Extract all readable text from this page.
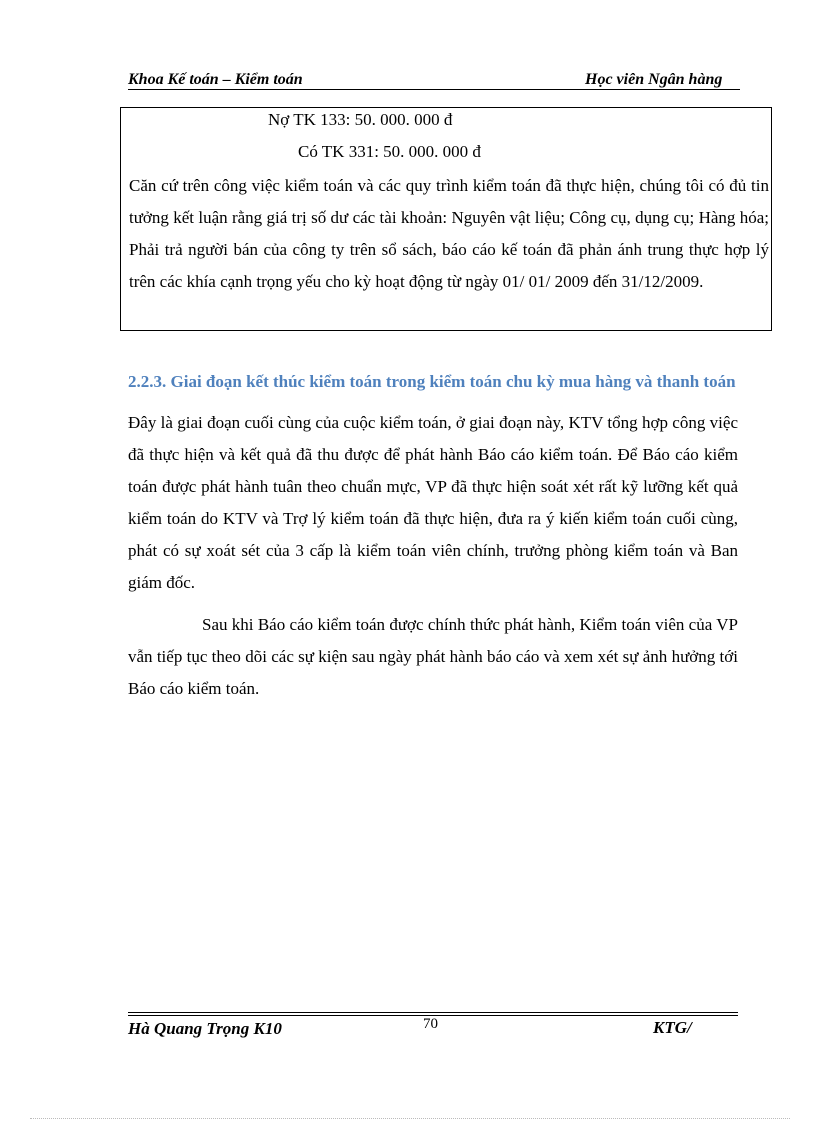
Khoa Kế toán – Kiểm toán	Học viên Ngân hàng
Nợ TK 133: 50. 000. 000 đ
Có TK 331: 50. 000. 000 đ
Căn cứ trên công việc kiểm toán và các quy trình kiểm toán đã thực hiện, chúng tôi có đủ tin tưởng kết luận rằng giá trị số dư các tài khoản: Nguyên vật liệu; Công cụ, dụng cụ; Hàng hóa; Phải trả người bán của công ty trên sổ sách, báo cáo kế toán đã phản ánh trung thực hợp lý trên các khía cạnh trọng yếu cho kỳ hoạt động từ ngày 01/ 01/ 2009 đến 31/12/2009.
2.2.3. Giai đoạn kết thúc kiểm toán trong kiểm toán chu kỳ mua hàng và thanh toán
Đây là giai đoạn cuối cùng của cuộc kiểm toán, ở giai đoạn này, KTV tổng hợp công việc đã thực hiện và kết quả đã thu được để phát hành Báo cáo kiểm toán. Để Báo cáo kiểm toán được phát hành tuân theo chuẩn mực, VP đã thực hiện soát xét rất kỹ lưỡng kết quả kiểm toán do KTV và Trợ lý kiểm toán đã thực hiện, đưa ra ý kiến kiểm toán cuối cùng, phát có sự xoát sét của 3 cấp là kiểm toán viên chính, trưởng phòng kiểm toán và Ban giám đốc.
Sau khi Báo cáo kiểm toán được chính thức phát hành, Kiểm toán viên của VP vẫn tiếp tục theo dõi các sự kiện sau ngày phát hành báo cáo và xem xét sự ảnh hưởng tới Báo cáo kiểm toán.
Hà Quang Trọng K10	70	KTG/
